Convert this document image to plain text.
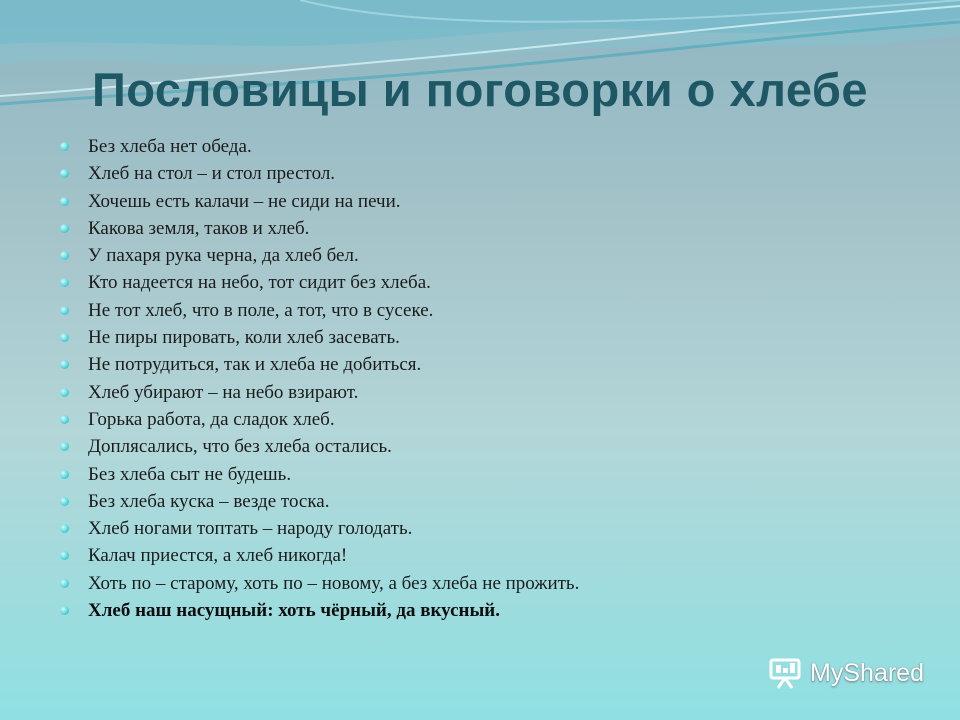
Пословицы и поговорки о хлебе
Без хлеба нет обеда.
Хлеб на стол – и стол престол.
Хочешь есть калачи – не сиди на печи.
Какова земля, таков и хлеб.
У пахаря рука черна, да хлеб бел.
Кто надеется на небо, тот сидит без хлеба.
Не тот хлеб, что в поле, а тот, что в сусеке.
Не пиры пировать, коли хлеб засевать.
Не потрудиться, так и хлеба не добиться.
Хлеб убирают – на небо взирают.
Горька работа, да сладок хлеб.
Доплясались, что без хлеба остались.
Без хлеба сыт не будешь.
Без хлеба куска – везде тоска.
Хлеб ногами топтать – народу голодать.
Калач приестся, а хлеб никогда!
Хоть по – старому, хоть по – новому, а без хлеба не прожить.
Хлеб наш насущный: хоть чёрный, да вкусный.
MyShared
